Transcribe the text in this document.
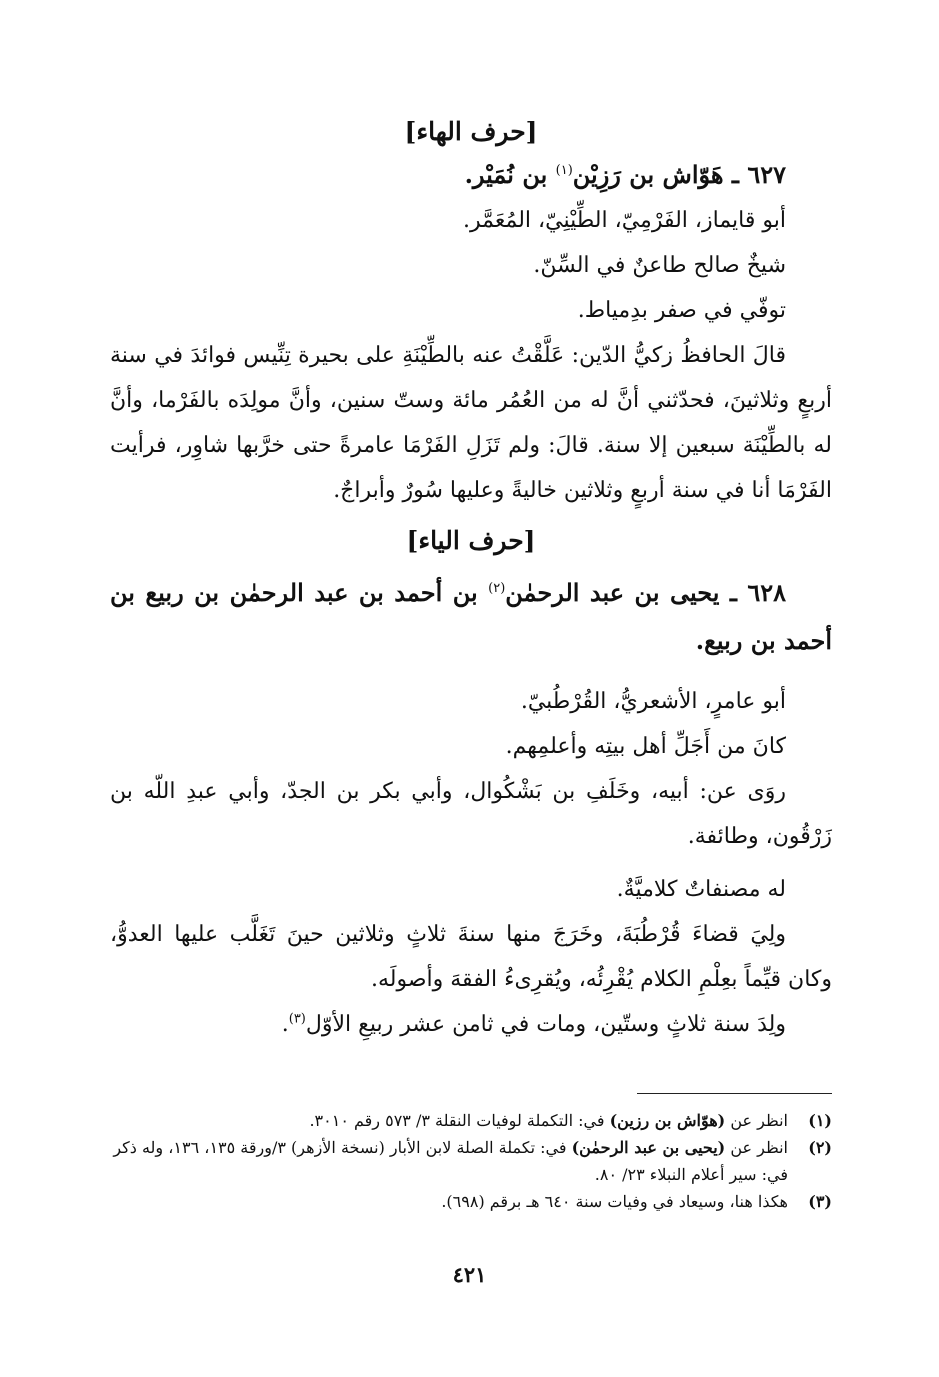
[حرف الهاء]

٦٢٧ ـ هَوّاش بن رَزِيْن$^{(١)}$ بن نُمَيْر.

أبو قايماز، الفَرْمِيّ، الطِّيْنِيّ، المُعَمَّر.

شيخٌ صالح طاعنٌ في السِّنّ.

توفّي في صفر بدِمياط.

قالَ الحافظُ زكيُّ الدّين: عَلَّقْتُ عنه بالطِّيْنَةِ على بحيرة تِنِّيس فوائدَ في سنة أربعٍ وثلاثينَ، فحدّثني أنَّ له من العُمُر مائة وستّ سنين، وأنَّ مولِدَه بالفَرْما، وأنَّ له بالطِّيْنَة سبعين إلا سنة. قالَ: ولم تَزَلِ الفَرْمَا عامرةً حتى خرَّبها شاوِر، فرأيت الفَرْمَا أنا في سنة أربعٍ وثلاثين خاليةً وعليها سُورٌ وأبراجٌ.

[حرف الياء]

٦٢٨ ـ يحيى بن عبد الرحمٰن$^{(٢)}$ بن أحمد بن عبد الرحمٰن بن ربيع بن أحمد بن ربيع.

أبو عامرٍ، الأشعريُّ، القُرْطُبيّ.

كانَ من أَجَلِّ أهل بيتِه وأعلمِهم.

روَى عن: أبيه، وخَلَفِ بن بَشْكُوال، وأبي بكر بن الجدّ، وأبي عبدِ اللّه بن زَرْقُون، وطائفة.

له مصنفاتٌ كلاميَّةٌ.

ولِيَ قضاءَ قُرْطُبَةَ، وخَرَجَ منها سنةَ ثلاثٍ وثلاثين حينَ تَغَلَّب عليها العدوُّ، وكان قيِّماً بعِلْمِ الكلام يُقْرِئُه، ويُقرِىءُ الفقهَ وأصولَه.

ولِدَ سنة ثلاثٍ وستّين، ومات في ثامن عشر ربيعِ الأوّل$^{(٣)}$.

(١)
انظر عن (هوّاش بن رزين) في: التكملة لوفيات النقلة ٣/ ٥٧٣ رقم ٣٠١٠.
(٢)
انظر عن (يحيى بن عبد الرحمٰن) في: تكملة الصلة لابن الأبار (نسخة الأزهر) ٣/ورقة ١٣٥، ١٣٦، وله ذكر في: سير أعلام النبلاء ٢٣/ ٨٠.
(٣)
هكذا هنا، وسيعاد في وفيات سنة ٦٤٠ هـ برقم (٦٩٨).
٤٢١
